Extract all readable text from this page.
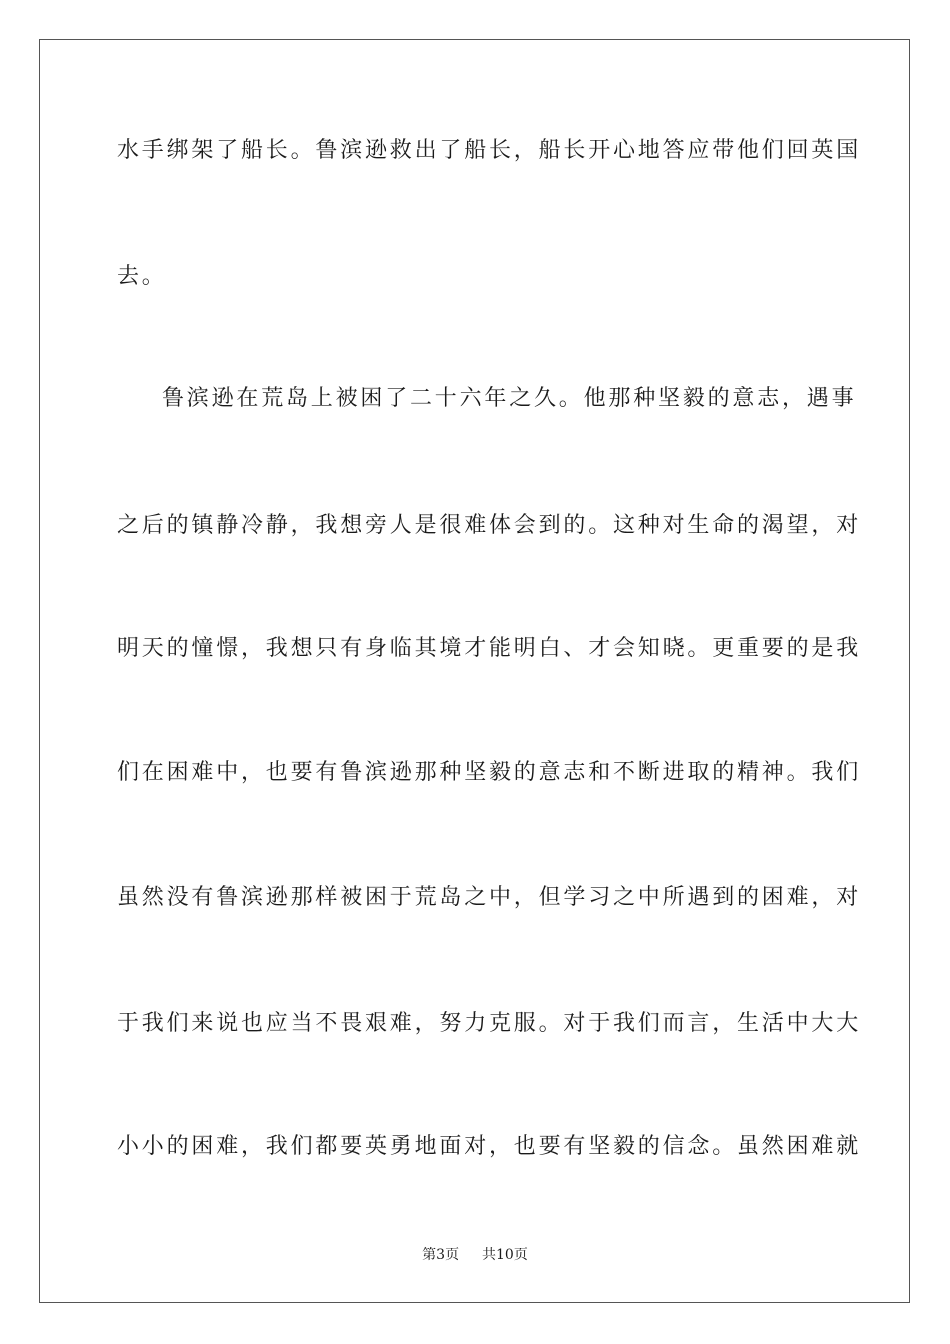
水手绑架了船长。鲁滨逊救出了船长，船长开心地答应带他们回英国
去。
鲁滨逊在荒岛上被困了二十六年之久。他那种坚毅的意志，遇事
之后的镇静冷静，我想旁人是很难体会到的。这种对生命的渴望，对
明天的憧憬，我想只有身临其境才能明白、才会知晓。更重要的是我
们在困难中，也要有鲁滨逊那种坚毅的意志和不断进取的精神。我们
虽然没有鲁滨逊那样被困于荒岛之中，但学习之中所遇到的困难，对
于我们来说也应当不畏艰难，努力克服。对于我们而言，生活中大大
小小的困难，我们都要英勇地面对，也要有坚毅的信念。虽然困难就
第3页 共10页
